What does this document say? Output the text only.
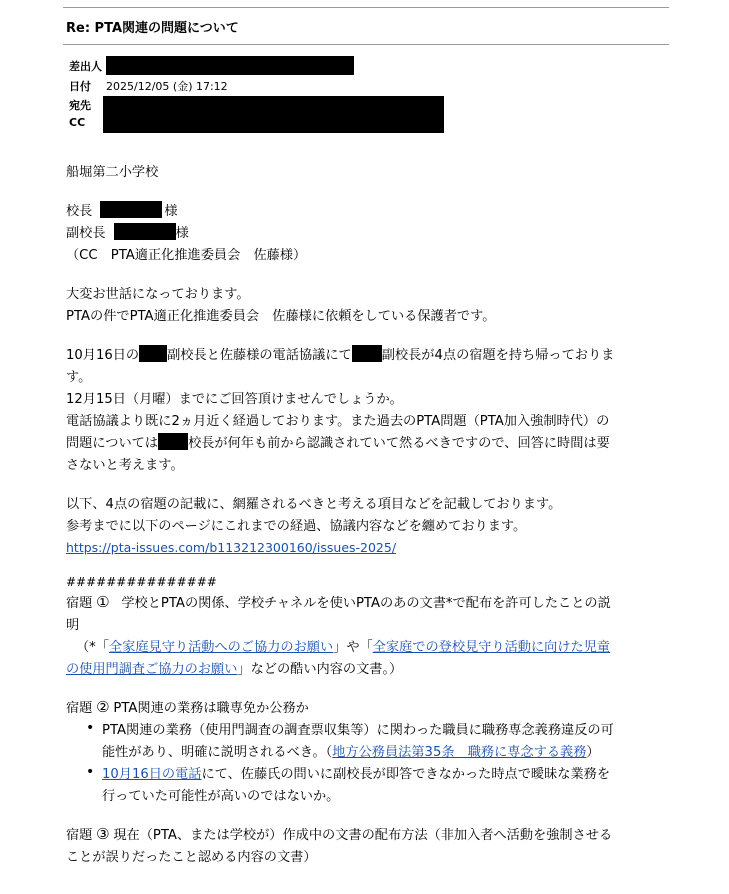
Re: PTA関連の問題について
差出人
日付 2025/12/05 (金) 17:12
宛先
CC
船堀第二小学校
校長	様
副校長	様
（CC　PTA適正化推進委員会　佐藤様）
大変お世話になっております。
PTAの件でPTA適正化推進委員会　佐藤様に依頼をしている保護者です。
10月16日の 副校長と佐藤様の電話協議にて 副校長が4点の宿題を持ち帰っておりま
す。
12月15日（月曜）までにご回答頂けませんでしょうか。
電話協議より既に2ヵ月近く経過しております。また過去のPTA問題（PTA加入強制時代）の
問題については 校長が何年も前から認識されていて然るべきですので、回答に時間は要
さないと考えます。
以下、4点の宿題の記載に、網羅されるべきと考える項目などを記載しております。
参考までに以下のページにこれまでの経過、協議内容などを纏めております。
https://pta-issues.com/b113212300160/issues-2025/
###############
宿題 ① 学校とPTAの関係、学校チャネルを使いPTAのあの文書*で配布を許可したことの説
明
（*「全家庭見守り活動へのご協力のお願い」や「全家庭での登校見守り活動に向けた児童
の使用門調査ご協力のお願い」などの酷い内容の文書。）
宿題 ② PTA関連の業務は職専免か公務か
• PTA関連の業務（使用門調査の調査票収集等）に関わった職員に職務専念義務違反の可
能性があり、明確に説明されるべき。（地方公務員法第35条　職務に専念する義務）
• 10月16日の電話にて、佐藤氏の問いに副校長が即答できなかった時点で曖昧な業務を
行っていた可能性が高いのではないか。
宿題 ③ 現在（PTA、または学校が）作成中の文書の配布方法（非加入者へ活動を強制させる
ことが誤りだったこと認める内容の文書）
